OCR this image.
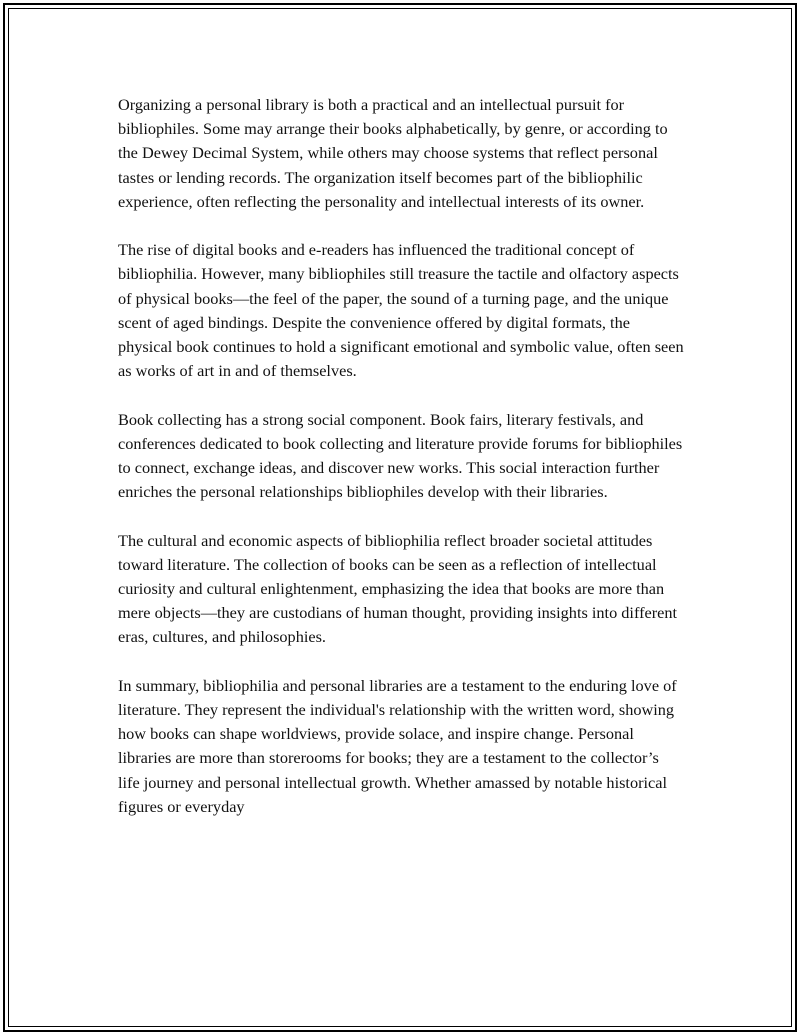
Organizing a personal library is both a practical and an intellectual pursuit for bibliophiles. Some may arrange their books alphabetically, by genre, or according to the Dewey Decimal System, while others may choose systems that reflect personal tastes or lending records. The organization itself becomes part of the bibliophilic experience, often reflecting the personality and intellectual interests of its owner.

The rise of digital books and e-readers has influenced the traditional concept of bibliophilia. However, many bibliophiles still treasure the tactile and olfactory aspects of physical books—the feel of the paper, the sound of a turning page, and the unique scent of aged bindings. Despite the convenience offered by digital formats, the physical book continues to hold a significant emotional and symbolic value, often seen as works of art in and of themselves.

Book collecting has a strong social component. Book fairs, literary festivals, and conferences dedicated to book collecting and literature provide forums for bibliophiles to connect, exchange ideas, and discover new works. This social interaction further enriches the personal relationships bibliophiles develop with their libraries.

The cultural and economic aspects of bibliophilia reflect broader societal attitudes toward literature. The collection of books can be seen as a reflection of intellectual curiosity and cultural enlightenment, emphasizing the idea that books are more than mere objects—they are custodians of human thought, providing insights into different eras, cultures, and philosophies.

In summary, bibliophilia and personal libraries are a testament to the enduring love of literature. They represent the individual's relationship with the written word, showing how books can shape worldviews, provide solace, and inspire change. Personal libraries are more than storerooms for books; they are a testament to the collector’s life journey and personal intellectual growth. Whether amassed by notable historical figures or everyday
